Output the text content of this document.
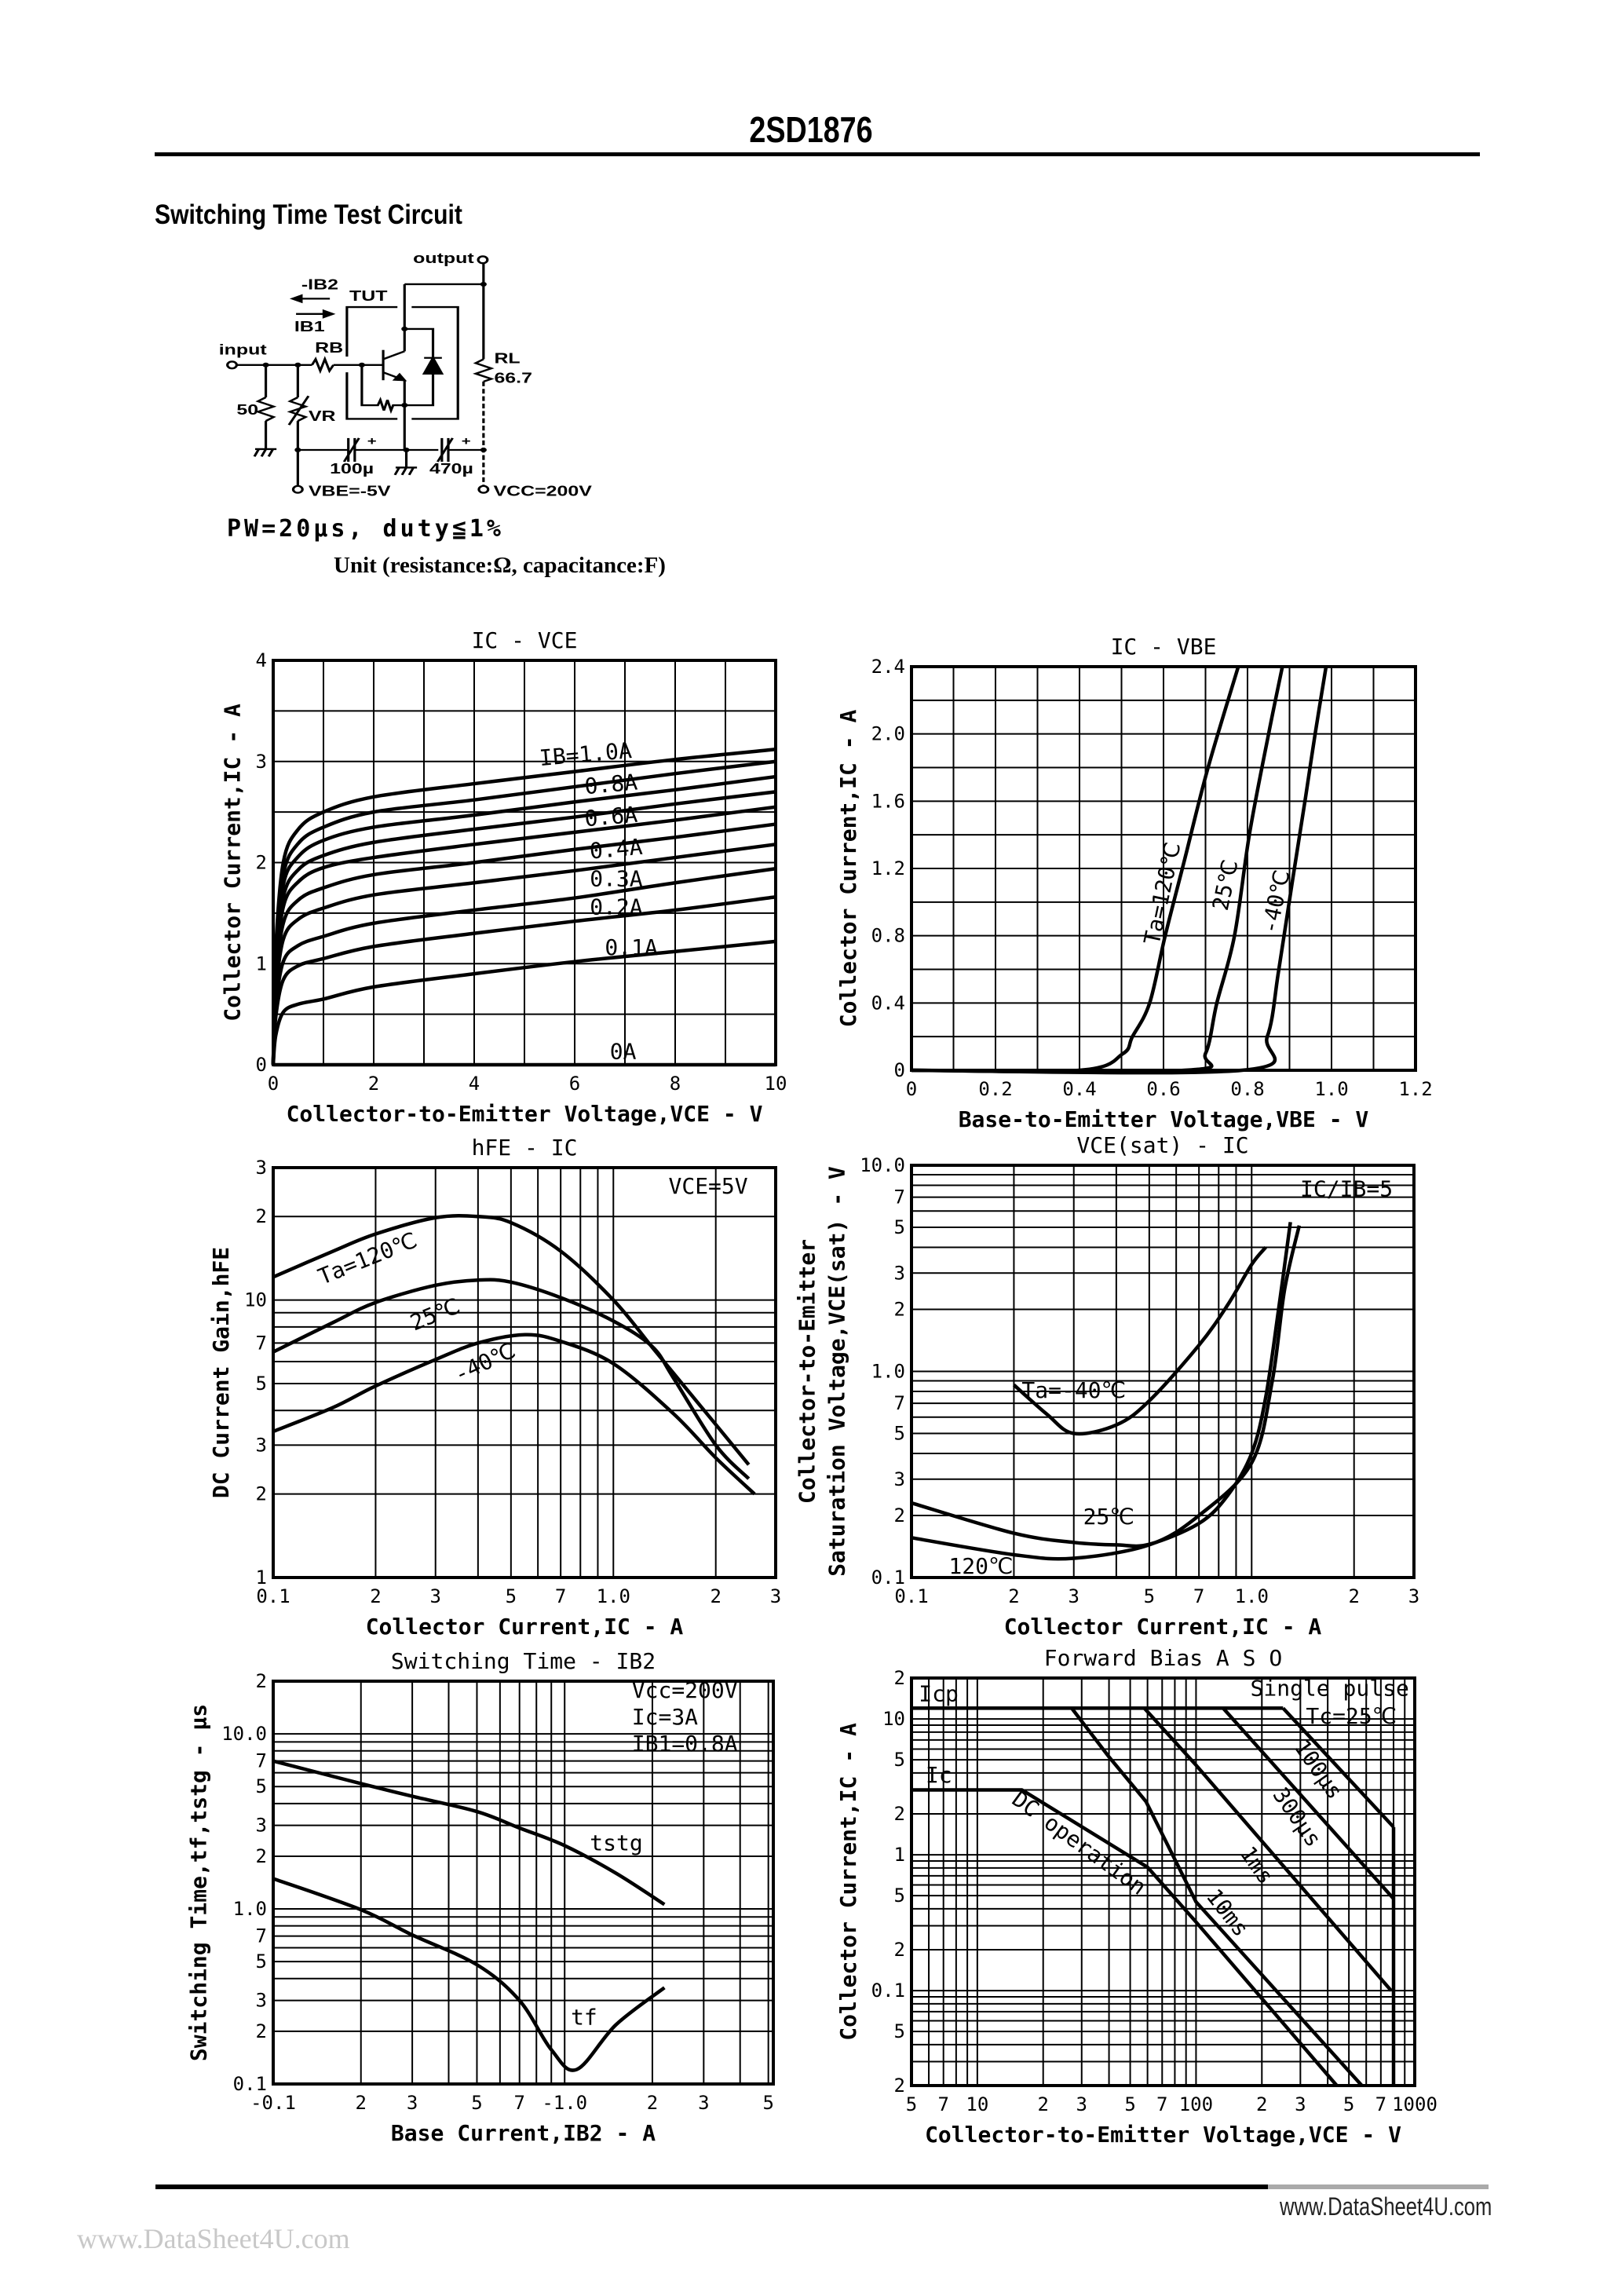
2SD1876
Switching Time Test Circuit
output
-IB2
TUT
IB1
RB
input
RL
66.7
50 VR
100µ 470µ
VBE=-5V VCC=200V
+ +
PW=20µs, duty≦1%
Unit (resistance:Ω, capacitance:F)
0	2	4	6	8	10
0
1
2
3
4
IC - VCE
Collector-to-Emitter Voltage,VCE - V
Collector Current,IC - A	IB=1.0A
0.8A
0.6A
0.4A
0.3A
0.2A
0.1A
0A
0	0.2	0.4	0.6	0.8	1.0	1.2
0
0.4
0.8
1.2
1.6
2.0
2.4
IC - VBE
Base-to-Emitter Voltage,VBE - V
Collector Current,IC - A	Ta=120℃ 25℃ -40℃
0.1	2	3	5 7 1.0	2	3
1
2
3
5
7
10
2
3
hFE - IC
Collector Current,IC - A
DC Current Gain,hFE
VCE=5V
Ta=120℃
25℃
-40℃
0.1	2	3	5 7 1.0	2	3
0.1
2
3
5
7
1.0
2
3
5
7
10.0
VCE(sat) - IC
Collector Current,IC - A
Collector-to-Emitter Saturation Voltage,VCE(sat) - V	IC/IB=5
Ta=-40℃
25℃
120℃
-0.1	2 3	5 7 -1.0	2 3	5
0.1
2
3
5
7
1.0
2
3
5
7
10.0
2
Switching Time - IB2
Base Current,IB2 - A
Switching Time,tf,tstg - µs
Vcc=200V
Ic=3A
IB1=0.8A
tstg
tf
5 7 10	2 3 5 7 100 2 3 5 7 1000
2
5
0.1
2
5
1
2
5
10
2
Forward Bias A S O
Collector-to-Emitter Voltage,VCE - V
Collector Current,IC - A
Icp
Ic
Single pulse
Tc=25℃
DC operation
10ms
1ms
300µs
100µs
www.DataSheet4U.com
www.DataSheet4U.com
